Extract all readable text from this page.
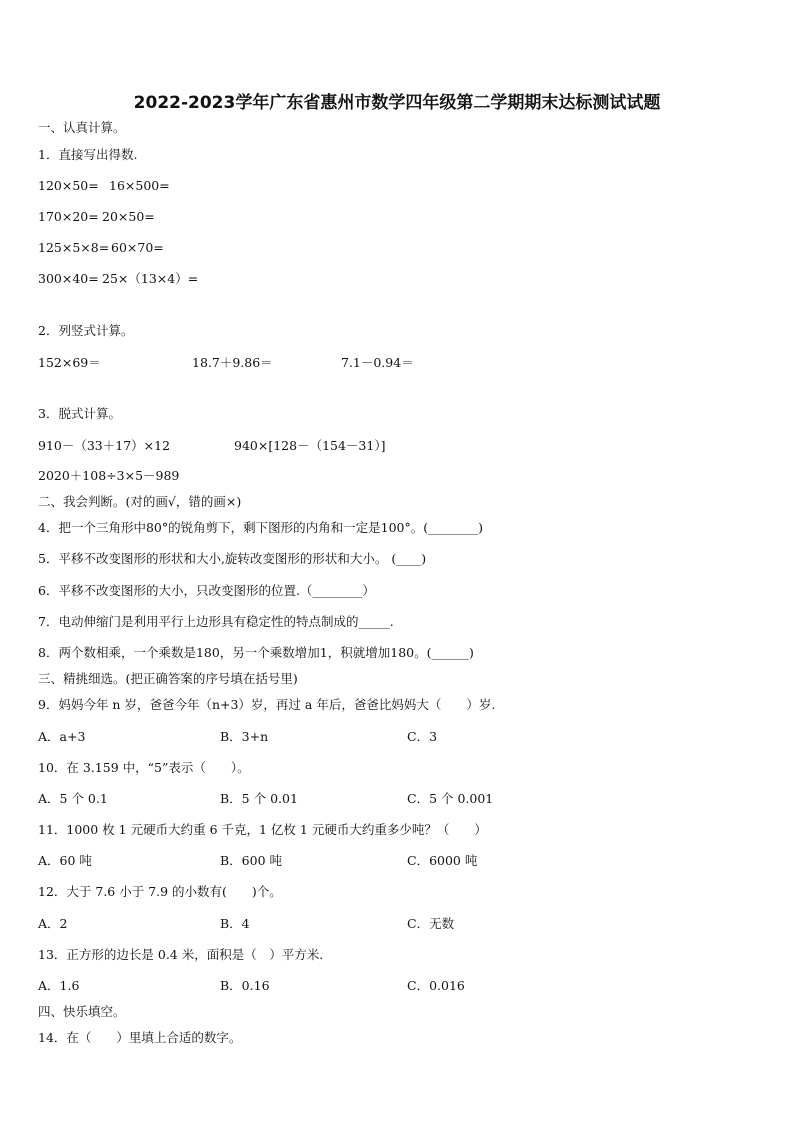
2022-2023学年广东省惠州市数学四年级第二学期期末达标测试试题
一、认真计算。
1．直接写出得数.
120×50= 16×500=
170×20= 20×50=
125×5×8= 60×70=
300×40= 25×（13×4）=
2．列竖式计算。
152×69＝	18.7＋9.86＝	7.1－0.94＝
3．脱式计算。
910－（33＋17）×12	940×[128－（154－31）]
2020＋108÷3×5－989
二、我会判断。(对的画√，错的画×)
4．把一个三角形中80°的锐角剪下，剩下图形的内角和一定是100°。(________)
5．平移不改变图形的形状和大小,旋转改变图形的形状和大小。 (____)
6．平移不改变图形的大小，只改变图形的位置.（________）
7．电动伸缩门是利用平行上边形具有稳定性的特点制成的_____.
8．两个数相乘，一个乘数是180，另一个乘数增加1，积就增加180。(______)
三、精挑细选。(把正确答案的序号填在括号里)
9．妈妈今年 n 岁，爸爸今年（n+3）岁，再过 a 年后，爸爸比妈妈大（　　）岁.
A．a+3	B．3+n	C．3
10．在 3.159 中，“5”表示（　　）。
A．5 个 0.1	B．5 个 0.01	C．5 个 0.001
11．1000 枚 1 元硬币大约重 6 千克，1 亿枚 1 元硬币大约重多少吨？（　　）
A．60 吨	B．600 吨	C．6000 吨
12．大于 7.6 小于 7.9 的小数有(　　)个。
A．2	B．4	C．无数
13．正方形的边长是 0.4 米，面积是（　）平方米.
A．1.6	B．0.16	C．0.016
四、快乐填空。
14．在（　　）里填上合适的数字。
